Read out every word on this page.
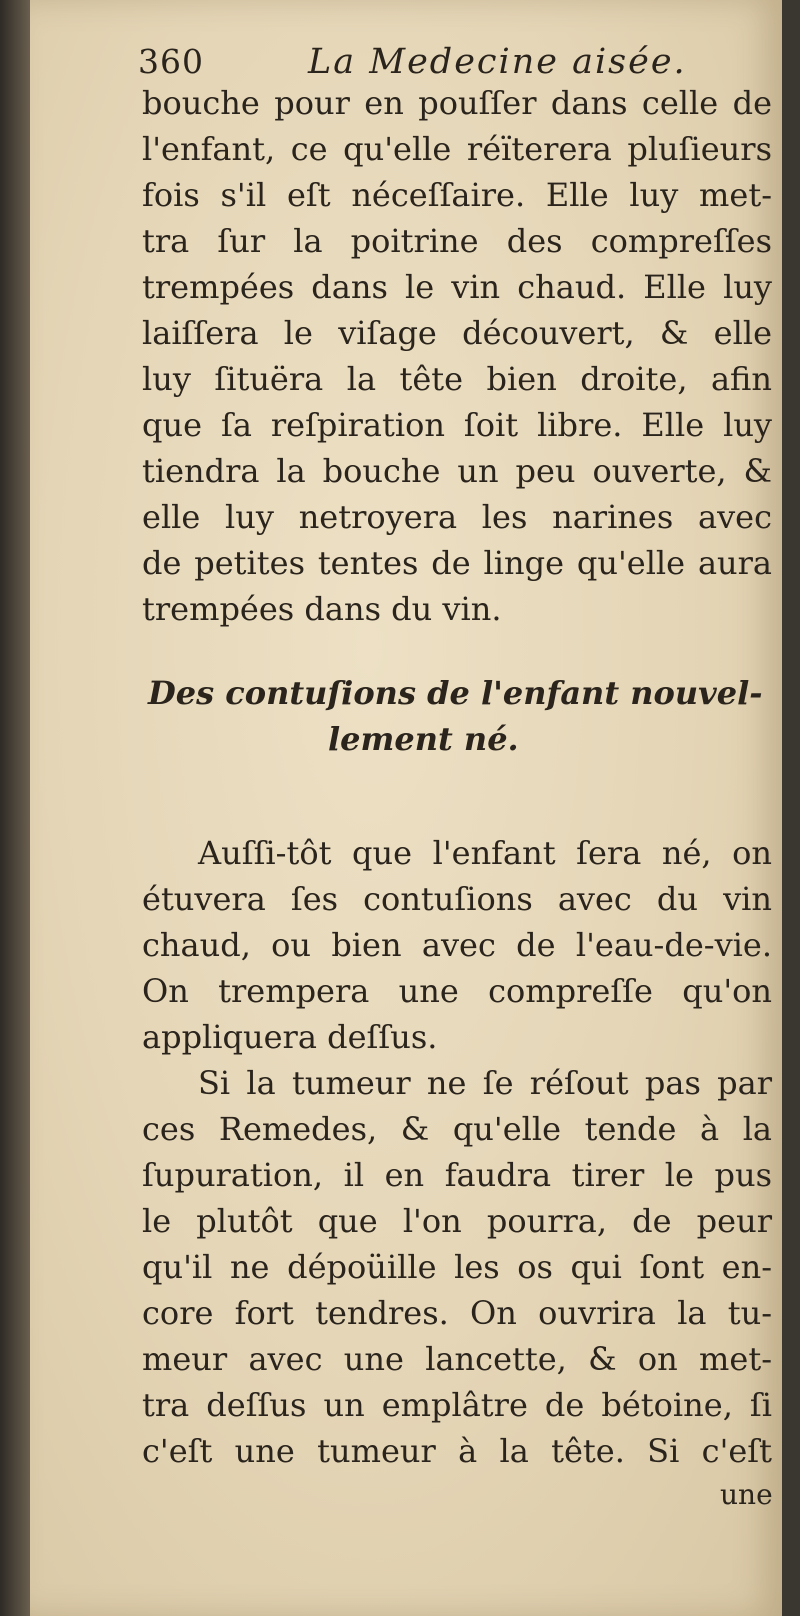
360	La Medecine aisée.
bouche pour en pouſſer dans celle de
l'enfant, ce qu'elle réïterera pluſieurs
fois s'il eſt néceſſaire. Elle luy met-
tra ſur la poitrine des compreſſes
trempées dans le vin chaud. Elle luy
laiſſera le viſage découvert, & elle
luy ſituëra la tête bien droite, afin
que ſa reſpiration ſoit libre. Elle luy
tiendra la bouche un peu ouverte, &
elle luy netroyera les narines avec
de petites tentes de linge qu'elle aura
trempées dans du vin.
Des contuſions de l'enfant nouvel-
lement né.
Auſſi-tôt que l'enfant ſera né, on
étuvera ſes contuſions avec du vin
chaud, ou bien avec de l'eau-de-vie.
On trempera une compreſſe qu'on
appliquera deſſus.
Si la tumeur ne ſe réſout pas par
ces Remedes, & qu'elle tende à la
ſupuration, il en faudra tirer le pus
le plutôt que l'on pourra, de peur
qu'il ne dépoüille les os qui ſont en-
core fort tendres. On ouvrira la tu-
meur avec une lancette, & on met-
tra deſſus un emplâtre de bétoine, ſi
c'eſt une tumeur à la tête. Si c'eſt
une
